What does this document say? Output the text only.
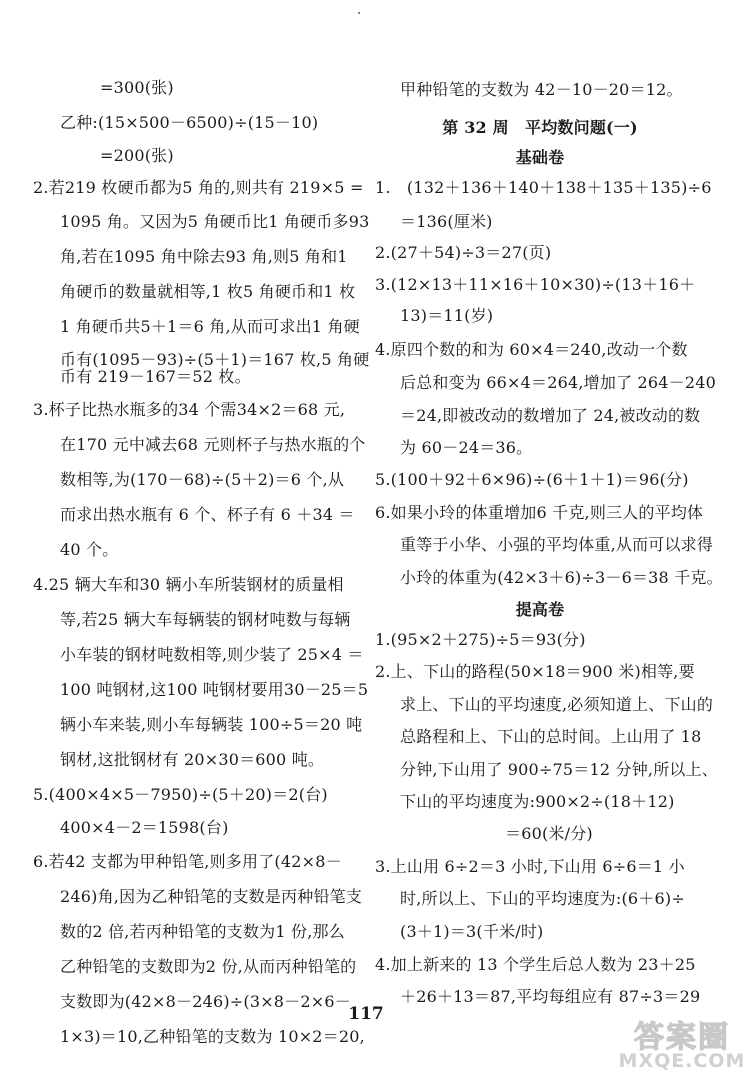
=300(张)
乙种:(15×500－6500)÷(15－10)
=200(张)
2.若219 枚硬币都为5 角的,则共有 219×5 =
1095 角。又因为5 角硬币比1 角硬币多93
角,若在1095 角中除去93 角,则5 角和1
角硬币的数量就相等,1 枚5 角硬币和1 枚
1 角硬币共5＋1＝6 角,从而可求出1 角硬
币有(1095－93)÷(5＋1)＝167 枚,5 角硬
币有 219－167＝52 枚。
3.杯子比热水瓶多的34 个需34×2＝68 元,
在170 元中减去68 元则杯子与热水瓶的个
数相等,为(170－68)÷(5＋2)＝6 个,从
而求出热水瓶有 6 个、杯子有 6 ＋34 ＝
40 个。
4.25 辆大车和30 辆小车所装钢材的质量相
等,若25 辆大车每辆装的钢材吨数与每辆
小车装的钢材吨数相等,则少装了 25×4 ＝
100 吨钢材,这100 吨钢材要用30－25＝5
辆小车来装,则小车每辆装 100÷5＝20 吨
钢材,这批钢材有 20×30＝600 吨。
5.(400×4×5－7950)÷(5＋20)＝2(台)
400×4－2＝1598(台)
6.若42 支都为甲种铅笔,则多用了(42×8－
246)角,因为乙种铅笔的支数是丙种铅笔支
数的2 倍,若丙种铅笔的支数为1 份,那么
乙种铅笔的支数即为2 份,从而丙种铅笔的
支数即为(42×8－246)÷(3×8－2×6－
1×3)＝10,乙种铅笔的支数为 10×2＝20,
甲种铅笔的支数为 42－10－20＝12。
第 32 周　平均数问题(一)
基础卷
1.　(132＋136＋140＋138＋135＋135)÷6
＝136(厘米)
2.(27＋54)÷3＝27(页)
3.(12×13＋11×16＋10×30)÷(13＋16＋
13)＝11(岁)
4.原四个数的和为 60×4＝240,改动一个数
后总和变为 66×4＝264,增加了 264－240
＝24,即被改动的数增加了 24,被改动的数
为 60－24＝36。
5.(100＋92＋6×96)÷(6＋1＋1)＝96(分)
6.如果小玲的体重增加6 千克,则三人的平均体
重等于小华、小强的平均体重,从而可以求得
小玲的体重为(42×3＋6)÷3－6＝38 千克。
提高卷
1.(95×2＋275)÷5＝93(分)
2.上、下山的路程(50×18＝900 米)相等,要
求上、下山的平均速度,必须知道上、下山的
总路程和上、下山的总时间。上山用了 18
分钟,下山用了 900÷75＝12 分钟,所以上、
下山的平均速度为:900×2÷(18＋12)
＝60(米/分)
3.上山用 6÷2＝3 小时,下山用 6÷6＝1 小
时,所以上、下山的平均速度为:(6＋6)÷
(3＋1)＝3(千米/时)
4.加上新来的 13 个学生后总人数为 23＋25
＋26＋13＝87,平均每组应有 87÷3＝29
117
答案圈
MXQE.COM
